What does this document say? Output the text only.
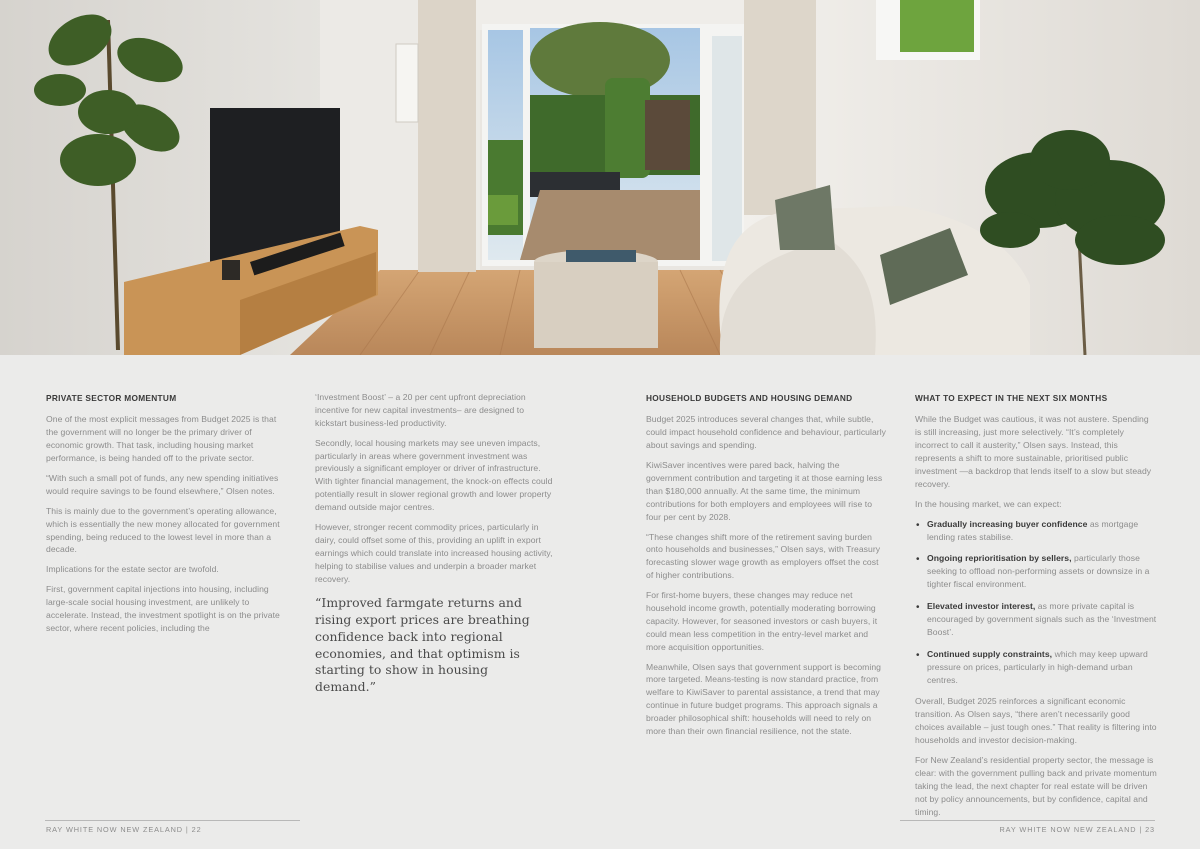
PRIVATE SECTOR MOMENTUM

One of the most explicit messages from Budget 2025 is that the government will no longer be the primary driver of economic growth. That task, including housing market performance, is being handed off to the private sector.

“With such a small pot of funds, any new spending initiatives would require savings to be found elsewhere,” Olsen notes.

This is mainly due to the government’s operating allowance, which is essentially the new money allocated for government spending, being reduced to the lowest level in more than a decade.

Implications for the estate sector are twofold.

First, government capital injections into housing, including large-scale social housing investment, are unlikely to accelerate. Instead, the investment spotlight is on the private sector, where recent policies, including the

‘Investment Boost’ – a 20 per cent upfront depreciation incentive for new capital investments– are designed to kickstart business-led productivity.

Secondly, local housing markets may see uneven impacts, particularly in areas where government investment was previously a significant employer or driver of infrastructure. With tighter financial management, the knock-on effects could potentially result in slower regional growth and lower property demand outside major centres.

However, stronger recent commodity prices, particularly in dairy, could offset some of this, providing an uplift in export earnings which could translate into increased housing activity, helping to stabilise values and underpin a broader market recovery.

“Improved farmgate returns and rising export prices are breathing confidence back into regional economies, and that optimism is starting to show in housing demand.”
HOUSEHOLD BUDGETS AND HOUSING DEMAND

Budget 2025 introduces several changes that, while subtle, could impact household confidence and behaviour, particularly about savings and spending.

KiwiSaver incentives were pared back, halving the government contribution and targeting it at those earning less than $180,000 annually. At the same time, the minimum contributions for both employers and employees will rise to four per cent by 2028.

“These changes shift more of the retirement saving burden onto households and businesses,” Olsen says, with Treasury forecasting slower wage growth as employers offset the cost of higher contributions.

For first-home buyers, these changes may reduce net household income growth, potentially moderating borrowing capacity. However, for seasoned investors or cash buyers, it could mean less competition in the entry-level market and more acquisition opportunities.

Meanwhile, Olsen says that government support is becoming more targeted. Means-testing is now standard practice, from welfare to KiwiSaver to parental assistance, a trend that may continue in future budget programs. This approach signals a broader philosophical shift: households will need to rely on more than their own financial resilience, not the state.

WHAT TO EXPECT IN THE NEXT SIX MONTHS

While the Budget was cautious, it was not austere. Spending is still increasing, just more selectively. “It’s completely incorrect to call it austerity,” Olsen says. Instead, this represents a shift to more sustainable, prioritised public investment —a backdrop that lends itself to a slow but steady recovery.

In the housing market, we can expect:

• Gradually increasing buyer confidence as mortgage lending rates stabilise.
• Ongoing reprioritisation by sellers, particularly those seeking to offload non-performing assets or downsize in a tighter fiscal environment.
• Elevated investor interest, as more private capital is encouraged by government signals such as the ‘Investment Boost’.
• Continued supply constraints, which may keep upward pressure on prices, particularly in high-demand urban centres.

Overall, Budget 2025 reinforces a significant economic transition. As Olsen says, “there aren’t necessarily good choices available – just tough ones.” That reality is filtering into households and investor decision-making.

For New Zealand’s residential property sector, the message is clear: with the government pulling back and private momentum taking the lead, the next chapter for real estate will be driven not by policy announcements, but by confidence, capital and timing.

RAY WHITE NOW NEW ZEALAND | 22	RAY WHITE NOW NEW ZEALAND | 23
